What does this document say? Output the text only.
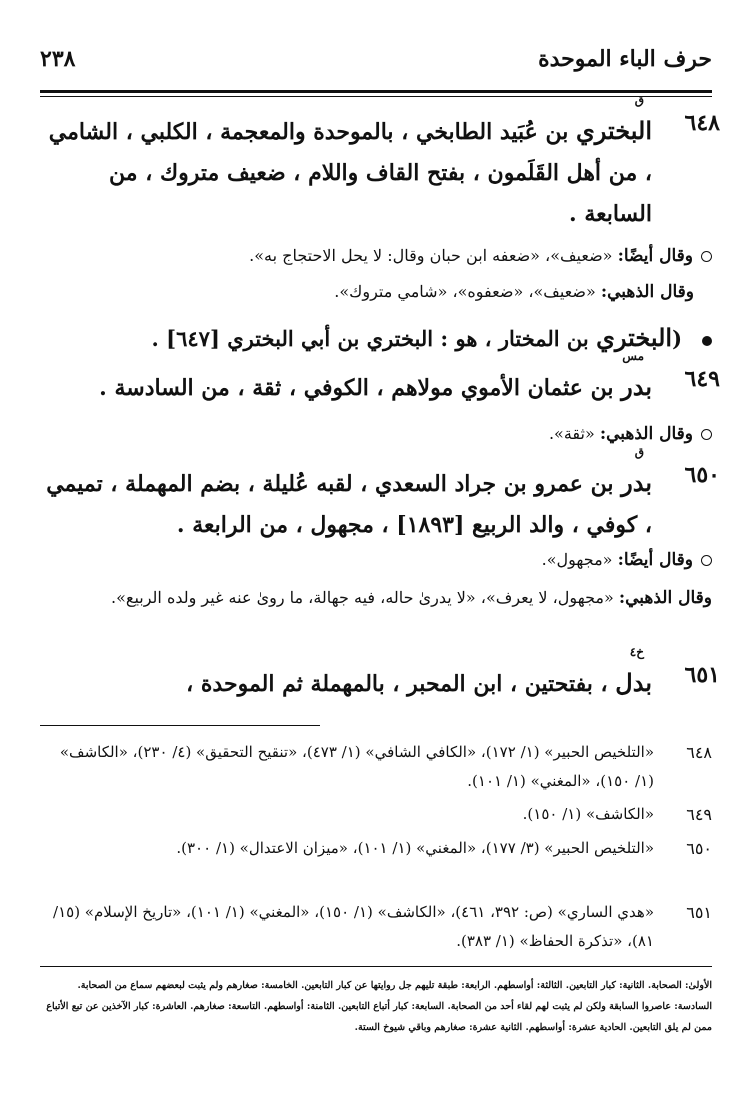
حرف الباء الموحدة
٢٣٨
٦٤٨
ق
البختري بن عُبَيد الطابخي ، بالموحدة والمعجمة ، الكلبي ، الشامي ، من أهل القَلَمون ، بفتح القاف واللام ، ضعيف متروك ، من السابعة .
وقال أيضًا: «ضعيف»، «ضعفه ابن حبان وقال: لا يحل الاحتجاج به».
وقال الذهبي: «ضعيف»، «ضعفوه»، «شامي متروك».
(البختري بن المختار ، هو : البختري بن أبي البختري [٦٤٧] .
٦٤٩
مس
بدر بن عثمان الأموي مولاهم ، الكوفي ، ثقة ، من السادسة .
وقال الذهبي: «ثقة».
٦٥٠
ق
بدر بن عمرو بن جراد السعدي ، لقبه عُليلة ، بضم المهملة ، تميمي ، كوفي ، والد الربيع [١٨٩٣] ، مجهول ، من الرابعة .
وقال أيضًا: «مجهول».
وقال الذهبي: «مجهول، لا يعرف»، «لا يدرىٰ حاله، فيه جهالة، ما روىٰ عنه غير ولده الربيع».
٦٥١
خ٤
بدل ، بفتحتين ، ابن المحبر ، بالمهملة ثم الموحدة ،
٦٤٨
«التلخيص الحبير» (١/ ١٧٢)، «الكافي الشافي» (١/ ٤٧٣)، «تنقيح التحقيق» (٤/ ٢٣٠)، «الكاشف» (١/ ١٥٠)، «المغني» (١/ ١٠١).
٦٤٩
«الكاشف» (١/ ١٥٠).
٦٥٠
«التلخيص الحبير» (٣/ ١٧٧)، «المغني» (١/ ١٠١)، «ميزان الاعتدال» (١/ ٣٠٠).
٦٥١
«هدي الساري» (ص: ٣٩٢، ٤٦١)، «الكاشف» (١/ ١٥٠)، «المغني» (١/ ١٠١)، «تاريخ الإسلام» (١٥/ ٨١)، «تذكرة الحفاظ» (١/ ٣٨٣).
الأولىٰ: الصحابة. الثانية: كبار التابعين. الثالثة: أواسطهم. الرابعة: طبقة تليهم جل روايتها عن كبار التابعين. الخامسة: صغارهم ولم يثبت لبعضهم سماع من الصحابة. السادسة: عاصروا السابقة ولكن لم يثبت لهم لقاء أحد من الصحابة. السابعة: كبار أتباع التابعين. الثامنة: أواسطهم. التاسعة: صغارهم. العاشرة: كبار الآخذين عن تبع الأتباع ممن لم يلق التابعين. الحادية عشرة: أواسطهم. الثانية عشرة: صغارهم وباقي شيوخ الستة.
